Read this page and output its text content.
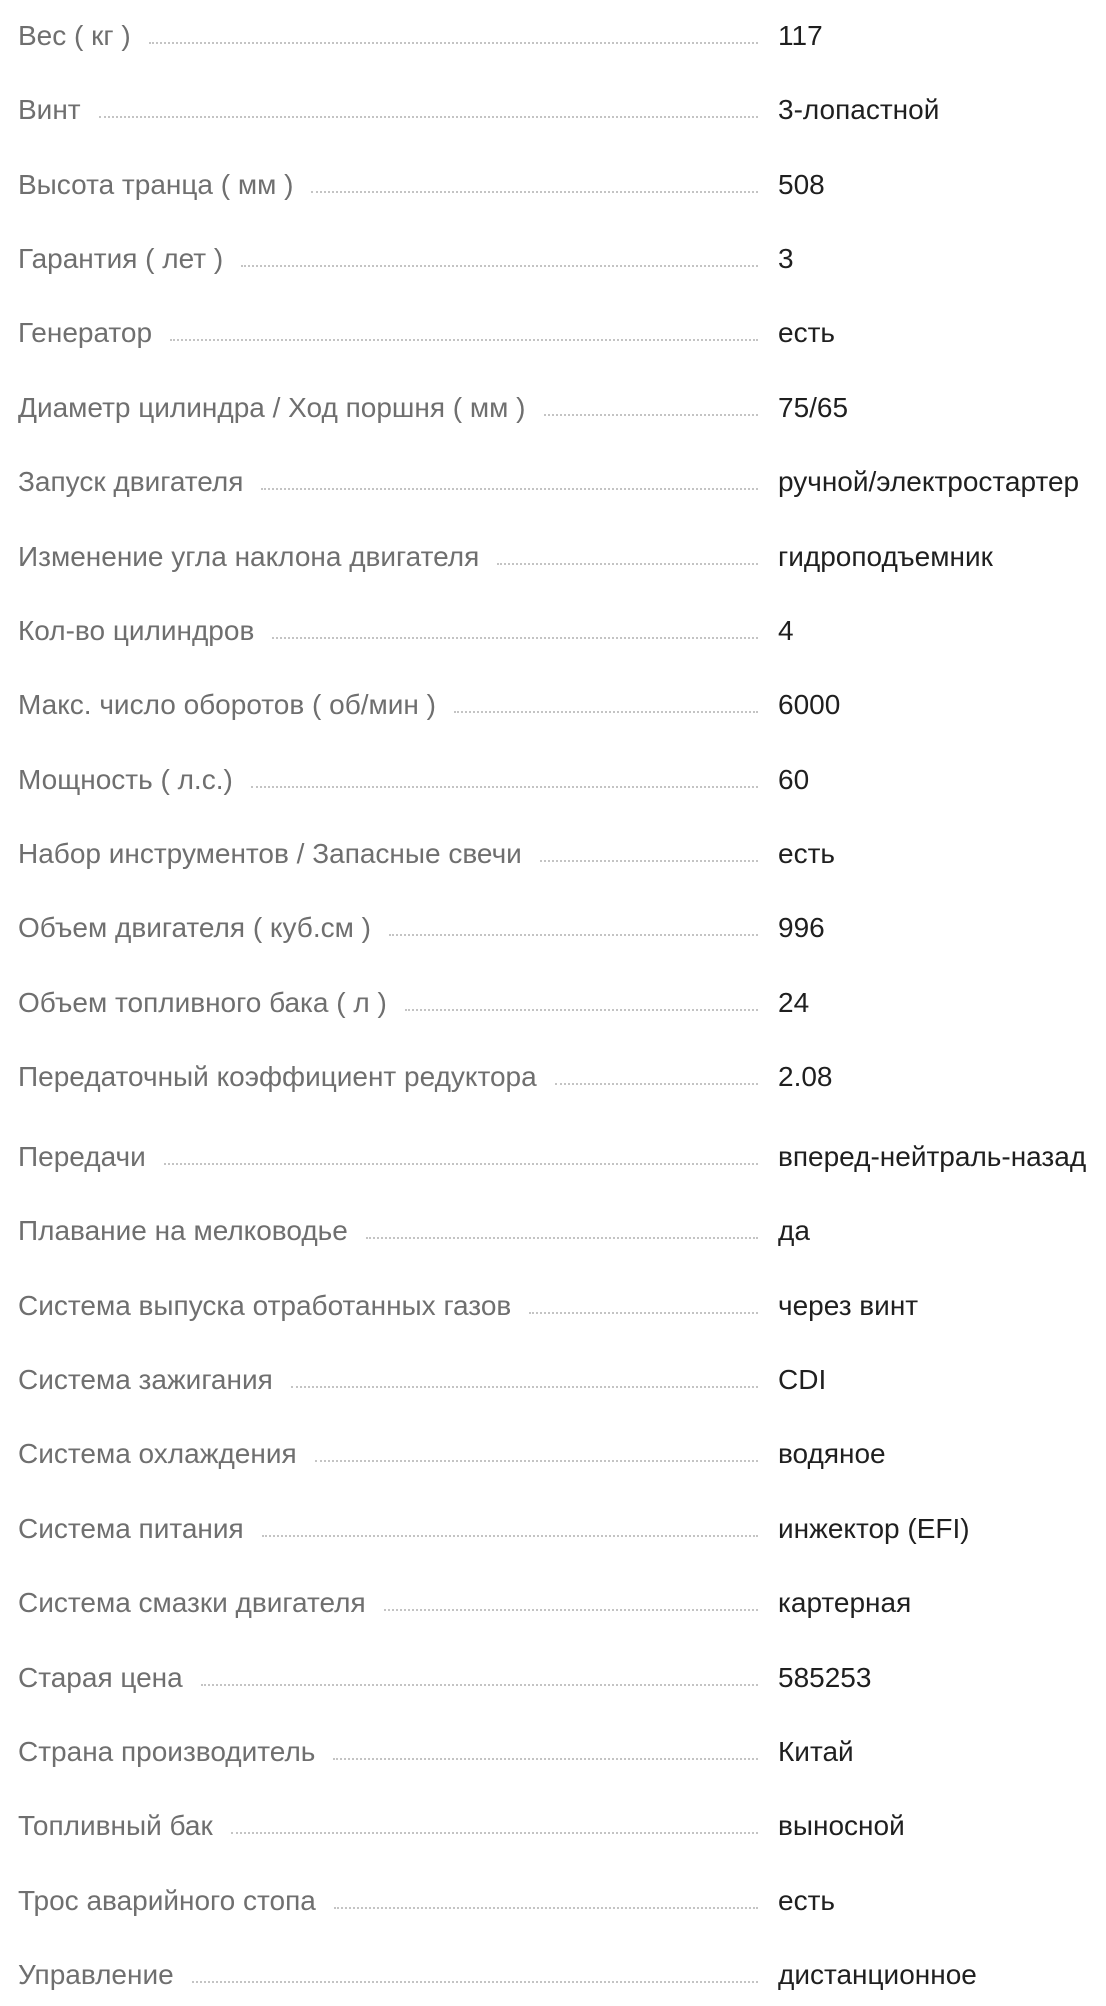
Вес ( кг )	117
Винт	3-лопастной
Высота транца ( мм )	508
Гарантия ( лет )	3
Генератор	есть
Диаметр цилиндра / Ход поршня ( мм )	75/65
Запуск двигателя	ручной/электростартер
Изменение угла наклона двигателя	гидроподъемник
Кол-во цилиндров	4
Макс. число оборотов ( об/мин )	6000
Мощность ( л.с.)	60
Набор инструментов / Запасные свечи	есть
Объем двигателя ( куб.см )	996
Объем топливного бака ( л )	24
Передаточный коэффициент редуктора	2.08
Передачи	вперед-нейтраль-назад
Плавание на мелководье	да
Система выпуска отработанных газов	через винт
Система зажигания	CDI
Система охлаждения	водяное
Система питания	инжектор (EFI)
Система смазки двигателя	картерная
Старая цена	585253
Страна производитель	Китай
Топливный бак	выносной
Трос аварийного стопа	есть
Управление	дистанционное
